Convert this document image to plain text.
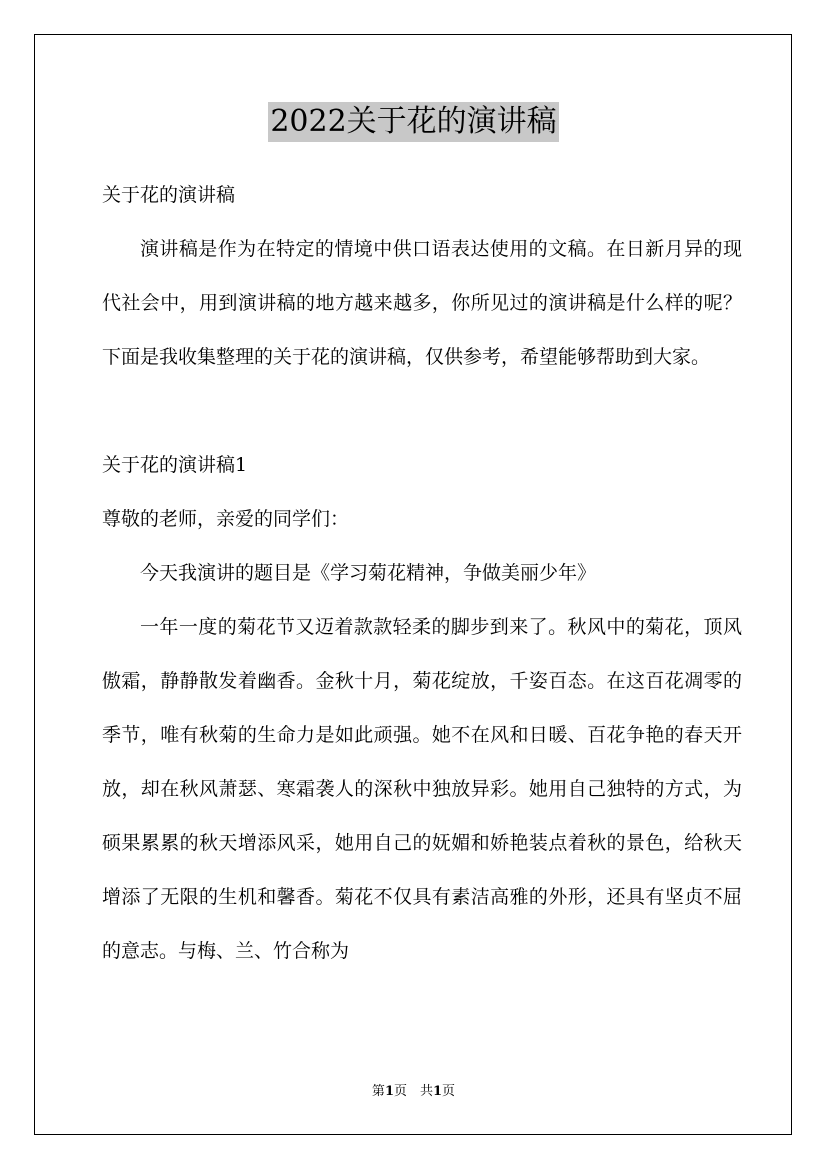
2022关于花的演讲稿

关于花的演讲稿

演讲稿是作为在特定的情境中供口语表达使用的文稿。在日新月异的现代社会中，用到演讲稿的地方越来越多，你所见过的演讲稿是什么样的呢？下面是我收集整理的关于花的演讲稿，仅供参考，希望能够帮助到大家。

关于花的演讲稿1

尊敬的老师，亲爱的同学们：

今天我演讲的题目是《学习菊花精神，争做美丽少年》

一年一度的菊花节又迈着款款轻柔的脚步到来了。秋风中的菊花，顶风傲霜，静静散发着幽香。金秋十月，菊花绽放，千姿百态。在这百花凋零的季节，唯有秋菊的生命力是如此顽强。她不在风和日暖、百花争艳的春天开放，却在秋风萧瑟、寒霜袭人的深秋中独放异彩。她用自己独特的方式，为硕果累累的秋天增添风采，她用自己的妩媚和娇艳装点着秋的景色，给秋天增添了无限的生机和馨香。菊花不仅具有素洁高雅的外形，还具有坚贞不屈的意志。与梅、兰、竹合称为

第1页　共1页
